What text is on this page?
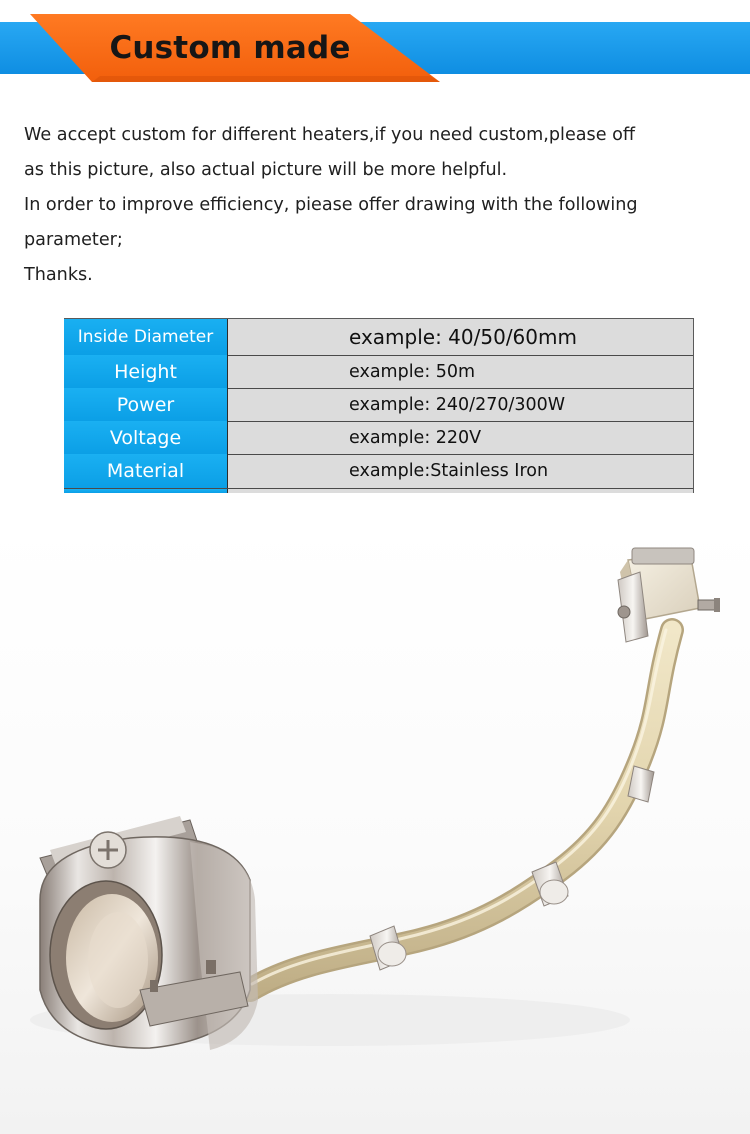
Custom made

We accept custom for different heaters,if you need custom,please off

as this picture, also actual picture will be more helpful.

In order to improve efficiency, piease offer drawing with the following

parameter;

Thanks.

Inside Diameter	example: 40/50/60mm
Height	example: 50m
Power	example: 240/270/300W
Voltage	example: 220V
Material	example:Stainless Iron
